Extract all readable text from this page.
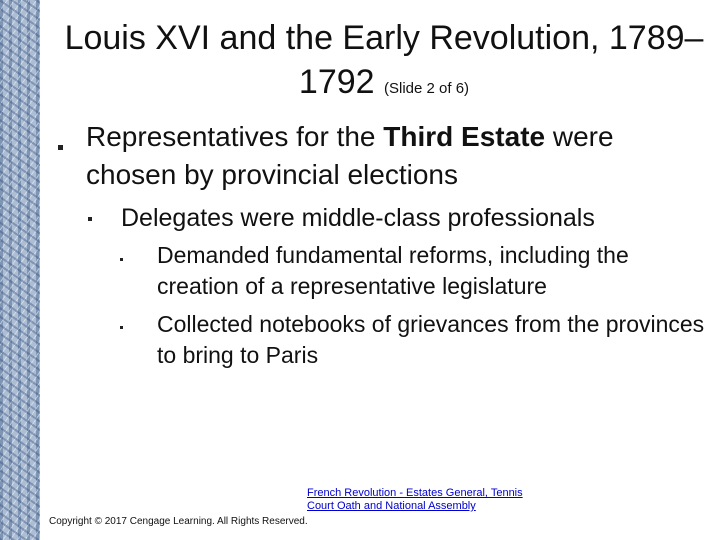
Louis XVI and the Early Revolution, 1789–1792 (Slide 2 of 6)
Representatives for the Third Estate were chosen by provincial elections
Delegates were middle-class professionals
Demanded fundamental reforms, including the creation of a representative legislature
Collected notebooks of grievances from the provinces to bring to Paris
French Revolution - Estates General, Tennis Court Oath and National Assembly
Copyright © 2017 Cengage Learning. All Rights Reserved.
